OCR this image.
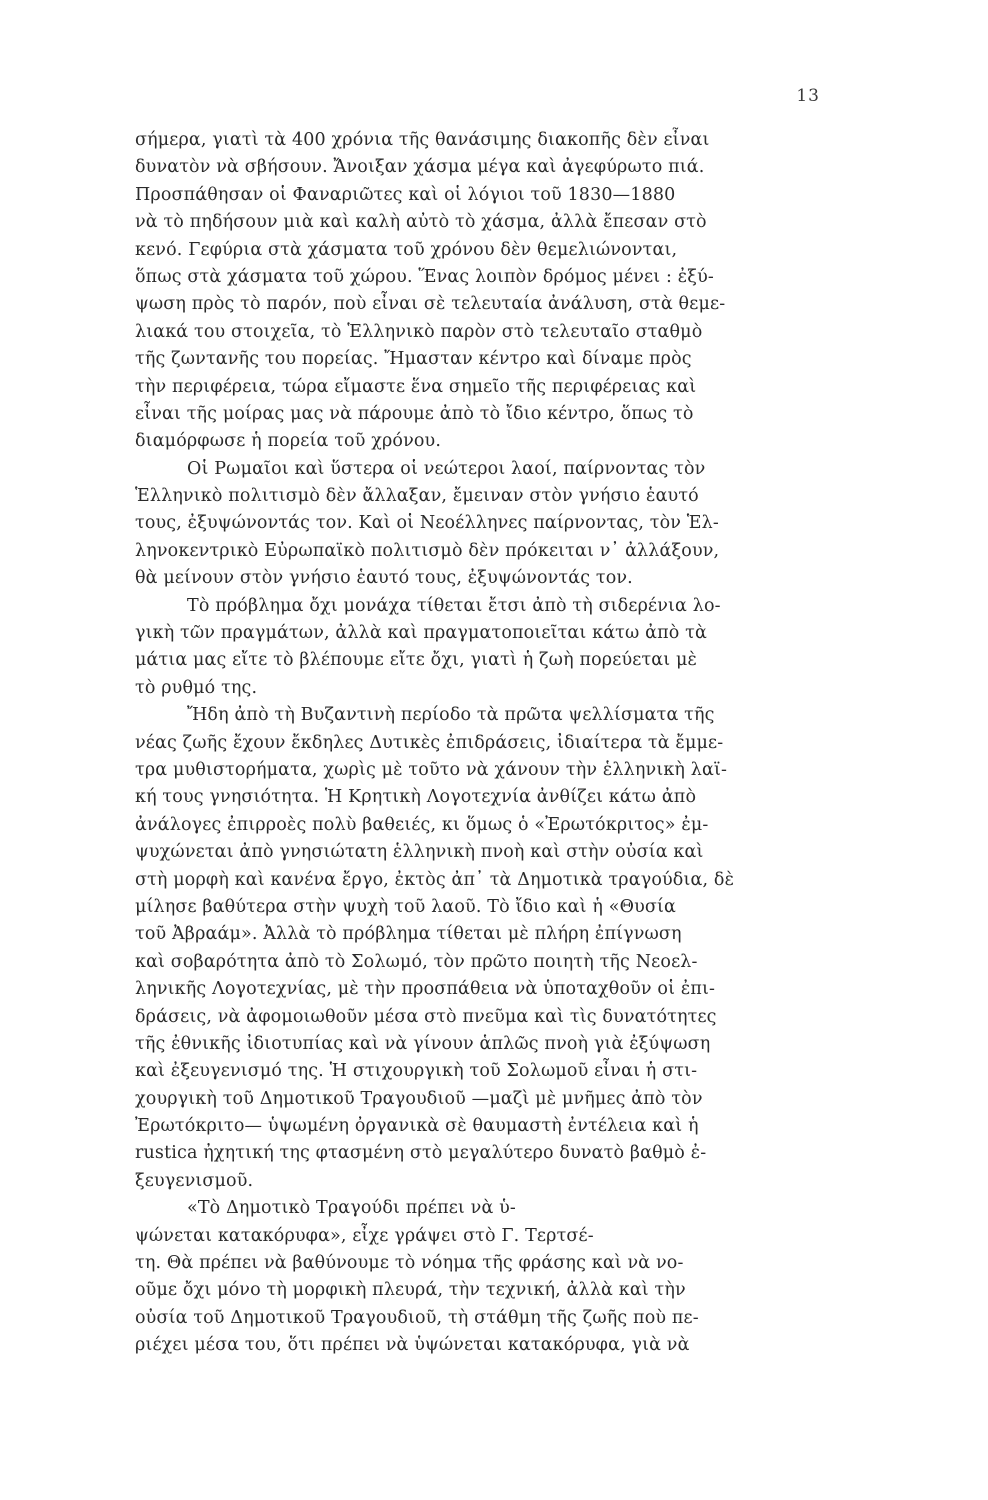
13
σήμερα, γιατὶ τὰ 400 χρόνια τῆς θανάσιμης διακοπῆς δὲν εἶναι
δυνατὸν νὰ σβήσουν. Ἄνοιξαν χάσμα μέγα καὶ ἀγεφύρωτο πιά.
Προσπάθησαν οἱ Φαναριῶτες καὶ οἱ λόγιοι τοῦ 1830—1880
νὰ τὸ πηδήσουν μιὰ καὶ καλὴ αὐτὸ τὸ χάσμα, ἀλλὰ ἔπεσαν στὸ
κενό. Γεφύρια στὰ χάσματα τοῦ χρόνου δὲν θεμελιώνονται,
ὅπως στὰ χάσματα τοῦ χώρου. Ἕνας λοιπὸν δρόμος μένει : ἐξύ-
ψωση πρὸς τὸ παρόν, ποὺ εἶναι σὲ τελευταία ἀνάλυση, στὰ θεμε-
λιακά του στοιχεῖα, τὸ Ἑλληνικὸ παρὸν στὸ τελευταῖο σταθμὸ
τῆς ζωντανῆς του πορείας. Ἤμασταν κέντρο καὶ δίναμε πρὸς
τὴν περιφέρεια, τώρα εἴμαστε ἕνα σημεῖο τῆς περιφέρειας καὶ
εἶναι τῆς μοίρας μας νὰ πάρουμε ἀπὸ τὸ ἴδιο κέντρο, ὅπως τὸ
διαμόρφωσε ἡ πορεία τοῦ χρόνου.
Οἱ Ρωμαῖοι καὶ ὕστερα οἱ νεώτεροι λαοί, παίρνοντας τὸν
Ἑλληνικὸ πολιτισμὸ δὲν ἄλλαξαν, ἔμειναν στὸν γνήσιο ἑαυτό
τους, ἐξυψώνοντάς τον. Καὶ οἱ Νεοέλληνες παίρνοντας, τὸν Ἑλ-
ληνοκεντρικὸ Εὐρωπαϊκὸ πολιτισμὸ δὲν πρόκειται ν᾽ ἀλλάξουν,
θὰ μείνουν στὸν γνήσιο ἑαυτό τους, ἐξυψώνοντάς τον.
Τὸ πρόβλημα ὄχι μονάχα τίθεται ἔτσι ἀπὸ τὴ σιδερένια λο-
γικὴ τῶν πραγμάτων, ἀλλὰ καὶ πραγματοποιεῖται κάτω ἀπὸ τὰ
μάτια μας εἴτε τὸ βλέπουμε εἴτε ὄχι, γιατὶ ἡ ζωὴ πορεύεται μὲ
τὸ ρυθμό της.
Ἤδη ἀπὸ τὴ Βυζαντινὴ περίοδο τὰ πρῶτα ψελλίσματα τῆς
νέας ζωῆς ἔχουν ἔκδηλες Δυτικὲς ἐπιδράσεις, ἰδιαίτερα τὰ ἔμμε-
τρα μυθιστορήματα, χωρὶς μὲ τοῦτο νὰ χάνουν τὴν ἑλληνικὴ λαϊ-
κή τους γνησιότητα. Ἡ Κρητικὴ Λογοτεχνία ἀνθίζει κάτω ἀπὸ
ἀνάλογες ἐπιρροὲς πολὺ βαθειές, κι ὅμως ὁ «Ἐρωτόκριτος» ἐμ-
ψυχώνεται ἀπὸ γνησιώτατη ἑλληνικὴ πνοὴ καὶ στὴν οὐσία καὶ
στὴ μορφὴ καὶ κανένα ἔργο, ἐκτὸς ἀπ᾽ τὰ Δημοτικὰ τραγούδια, δὲ
μίλησε βαθύτερα στὴν ψυχὴ τοῦ λαοῦ. Τὸ ἴδιο καὶ ἡ «Θυσία
τοῦ Ἀβραάμ». Ἀλλὰ τὸ πρόβλημα τίθεται μὲ πλήρη ἐπίγνωση
καὶ σοβαρότητα ἀπὸ τὸ Σολωμό, τὸν πρῶτο ποιητὴ τῆς Νεοελ-
ληνικῆς Λογοτεχνίας, μὲ τὴν προσπάθεια νὰ ὑποταχθοῦν οἱ ἐπι-
δράσεις, νὰ ἀφομοιωθοῦν μέσα στὸ πνεῦμα καὶ τὶς δυνατότητες
τῆς ἐθνικῆς ἰδιοτυπίας καὶ νὰ γίνουν ἁπλῶς πνοὴ γιὰ ἐξύψωση
καὶ ἐξευγενισμό της. Ἡ στιχουργικὴ τοῦ Σολωμοῦ εἶναι ἡ στι-
χουργικὴ τοῦ Δημοτικοῦ Τραγουδιοῦ —μαζὶ μὲ μνῆμες ἀπὸ τὸν
Ἐρωτόκριτο— ὑψωμένη ὀργανικὰ σὲ θαυμαστὴ ἐντέλεια καὶ ἡ
rustica ἠχητική της φτασμένη στὸ μεγαλύτερο δυνατὸ βαθμὸ ἐ-
ξευγενισμοῦ.
«Τὸ Δημοτικὸ Τραγούδι πρέπει νὰ ὑ-
ψώνεται κατακόρυφα», εἶχε γράψει στὸ Γ. Τερτσέ-
τη. Θὰ πρέπει νὰ βαθύνουμε τὸ νόημα τῆς φράσης καὶ νὰ νο-
οῦμε ὄχι μόνο τὴ μορφικὴ πλευρά, τὴν τεχνική, ἀλλὰ καὶ τὴν
οὐσία τοῦ Δημοτικοῦ Τραγουδιοῦ, τὴ στάθμη τῆς ζωῆς ποὺ πε-
ριέχει μέσα του, ὅτι πρέπει νὰ ὑψώνεται κατακόρυφα, γιὰ νὰ
